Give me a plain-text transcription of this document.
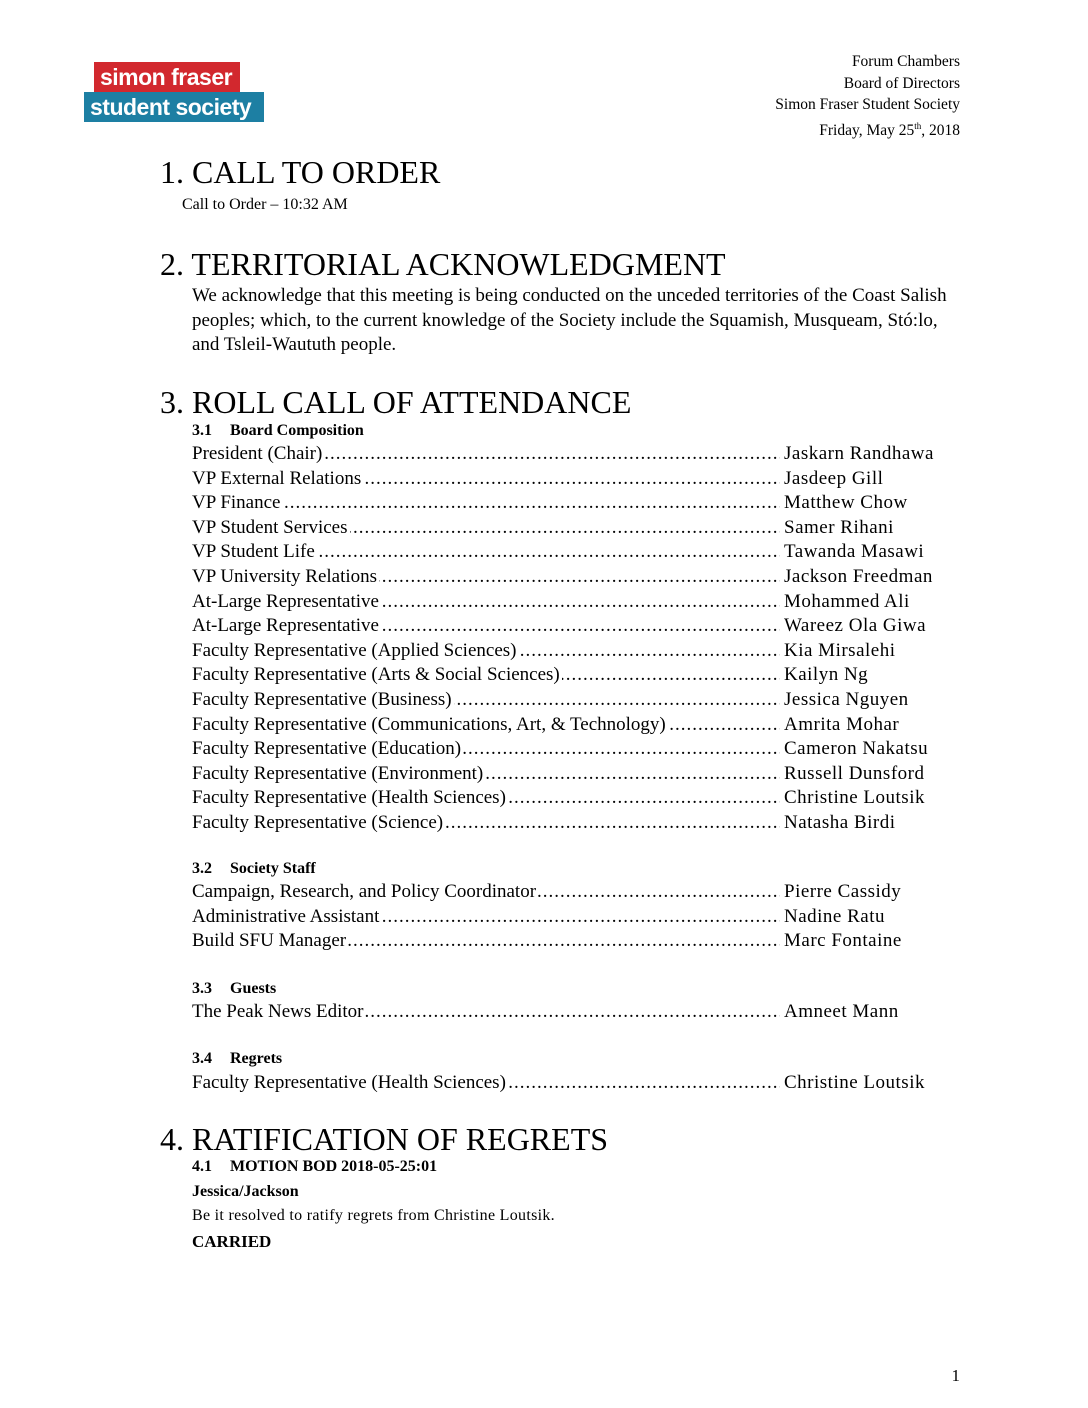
simon fraser
student society
Forum Chambers
Board of Directors
Simon Fraser Student Society
Friday, May 25th, 2018
1. CALL TO ORDER
Call to Order – 10:32 AM
2. TERRITORIAL ACKNOWLEDGMENT
We acknowledge that this meeting is being conducted on the unceded territories of the Coast Salish peoples; which, to the current knowledge of the Society include the Squamish, Musqueam, Stó:lo, and Tsleil-Waututh people.
3. ROLL CALL OF ATTENDANCE
3.1 Board Composition
.....
President (Chair)	Jaskarn Randhawa
.....
VP External Relations	Jasdeep Gill
.....
VP Finance	Matthew Chow
.....
VP Student Services	Samer Rihani
.....
VP Student Life	Tawanda Masawi
.....
VP University Relations	Jackson Freedman
.....
At-Large Representative	Mohammed Ali
.....
At-Large Representative	Wareez Ola Giwa
.....
Faculty Representative (Applied Sciences)	Kia Mirsalehi
.....
Faculty Representative (Arts & Social Sciences)	Kailyn Ng
.....
Faculty Representative (Business)	Jessica Nguyen
.....
Faculty Representative (Communications, Art, & Technology)	Amrita Mohar
.....
Faculty Representative (Education)	Cameron Nakatsu
.....
Faculty Representative (Environment)	Russell Dunsford
.....
Faculty Representative (Health Sciences)	Christine Loutsik
.....
Faculty Representative (Science)	Natasha Birdi
3.2 Society Staff
.....
Campaign, Research, and Policy Coordinator	Pierre Cassidy
.....
Administrative Assistant	Nadine Ratu
.....
Build SFU Manager	Marc Fontaine
3.3 Guests
.....
The Peak News Editor	Amneet Mann
3.4 Regrets
.....
Faculty Representative (Health Sciences)	Christine Loutsik
4. RATIFICATION OF REGRETS
4.1 MOTION BOD 2018-05-25:01
Jessica/Jackson
Be it resolved to ratify regrets from Christine Loutsik.
CARRIED
1
